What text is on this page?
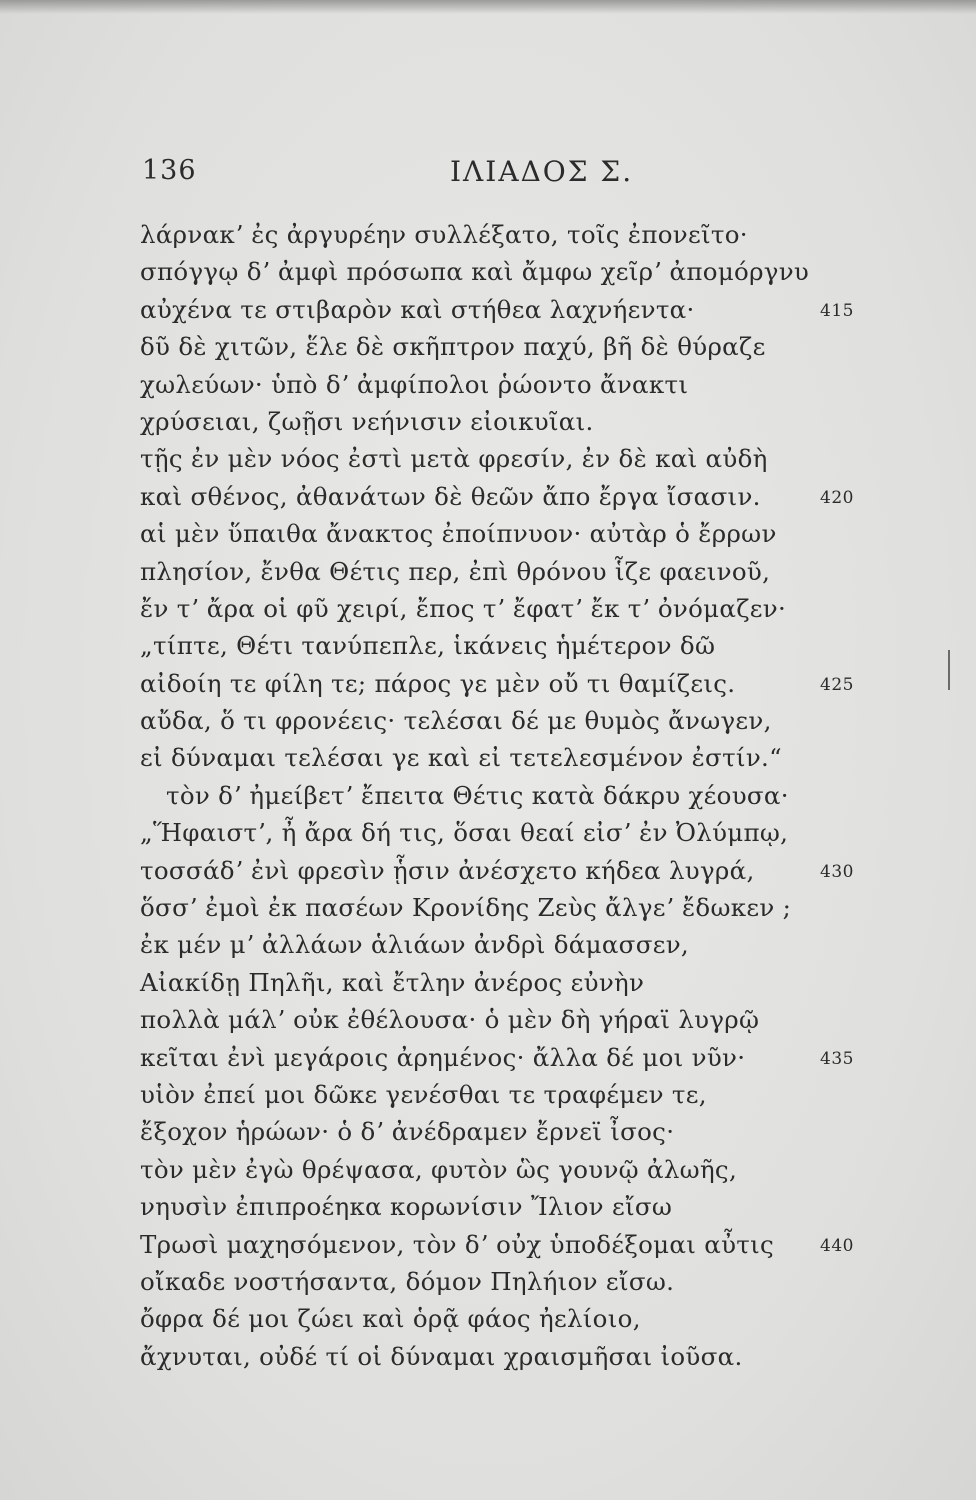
136	ΙΛΙΑΔΟΣ Σ.
λάρνακʼ ἐς ἀργυρέην συλλέξατο, τοῖς ἐπονεῖτο·
σπόγγῳ δʼ ἀμφὶ πρόσωπα καὶ ἄμφω χεῖρʼ ἀπομόργνυ
αὐχένα τε στιβαρὸν καὶ στήθεα λαχνήεντα·	415
δῦ δὲ χιτῶν, ἕλε δὲ σκῆπτρον παχύ, βῆ δὲ θύραζε
χωλεύων· ὑπὸ δʼ ἀμφίπολοι ῥώοντο ἄνακτι
χρύσειαι, ζωῇσι νεήνισιν εἰοικυῖαι.
τῇς ἐν μὲν νόος ἐστὶ μετὰ φρεσίν, ἐν δὲ καὶ αὐδὴ
καὶ σθένος, ἀθανάτων δὲ θεῶν ἄπο ἔργα ἴσασιν.	420
αἱ μὲν ὕπαιθα ἄνακτος ἐποίπνυον· αὐτὰρ ὁ ἔρρων
πλησίον, ἔνθα Θέτις περ, ἐπὶ θρόνου ἷζε φαεινοῦ,
ἔν τʼ ἄρα οἱ φῦ χειρί, ἔπος τʼ ἔφατʼ ἔκ τʼ ὀνόμαζεν·
„τίπτε, Θέτι τανύπεπλε, ἱκάνεις ἡμέτερον δῶ
αἰδοίη τε φίλη τε; πάρος γε μὲν οὔ τι θαμίζεις.	425
αὔδα, ὅ τι φρονέεις· τελέσαι δέ με θυμὸς ἄνωγεν,
εἰ δύναμαι τελέσαι γε καὶ εἰ τετελεσμένον ἐστίν.“
τὸν δʼ ἠμείβετʼ ἔπειτα Θέτις κατὰ δάκρυ χέουσα·
„Ἥφαιστʼ, ἦ ἄρα δή τις, ὅσαι θεαί εἰσʼ ἐν Ὀλύμπῳ,
τοσσάδʼ ἐνὶ φρεσὶν ᾗσιν ἀνέσχετο κήδεα λυγρά,	430
ὅσσʼ ἐμοὶ ἐκ πασέων Κρονίδης Ζεὺς ἄλγεʼ ἔδωκεν ;
ἐκ μέν μʼ ἀλλάων ἁλιάων ἀνδρὶ δάμασσεν,
Αἰακίδῃ Πηλῆι, καὶ ἔτλην ἀνέρος εὐνὴν
πολλὰ μάλʼ οὐκ ἐθέλουσα· ὁ μὲν δὴ γήραϊ λυγρῷ
κεῖται ἐνὶ μεγάροις ἀρημένος· ἄλλα δέ μοι νῦν·	435
υἱὸν ἐπεί μοι δῶκε γενέσθαι τε τραφέμεν τε,
ἔξοχον ἡρώων· ὁ δʼ ἀνέδραμεν ἔρνεϊ ἶσος·
τὸν μὲν ἐγὼ θρέψασα, φυτὸν ὣς γουνῷ ἀλωῆς,
νηυσὶν ἐπιπροέηκα κορωνίσιν Ἴλιον εἴσω
Τρωσὶ μαχησόμενον, τὸν δʼ οὐχ ὑποδέξομαι αὖτις	440
οἴκαδε νοστήσαντα, δόμον Πηλήιον εἴσω.
ὄφρα δέ μοι ζώει καὶ ὁρᾷ φάος ἠελίοιο,
ἄχνυται, οὐδέ τί οἱ δύναμαι χραισμῆσαι ἰοῦσα.
